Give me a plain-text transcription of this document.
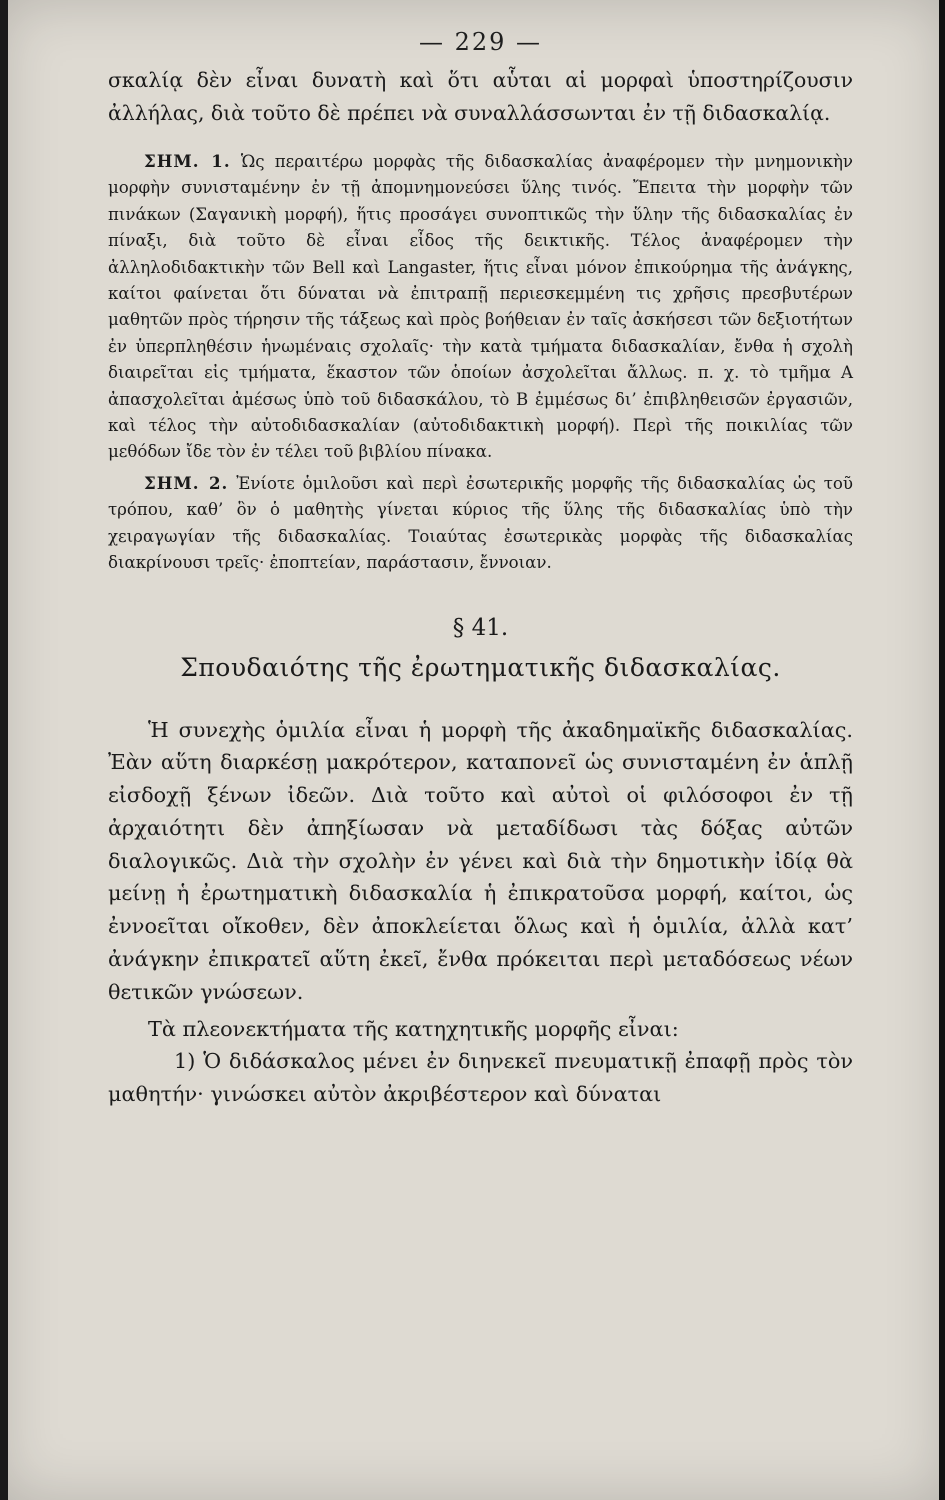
— 229 —

σκαλίᾳ δὲν εἶναι δυνατὴ καὶ ὅτι αὗται αἱ μορφαὶ ὑποστηρίζουσιν ἀλλήλας, διὰ τοῦτο δὲ πρέπει νὰ συναλλάσσωνται ἐν τῇ διδασκαλίᾳ.

ΣΗΜ. 1. Ὡς περαιτέρω μορφὰς τῆς διδασκαλίας ἀναφέρομεν τὴν μνημονικὴν μορφὴν συνισταμένην ἐν τῇ ἀπομνημονεύσει ὕλης τινός. Ἔπειτα τὴν μορφὴν τῶν πινάκων (Σαγανικὴ μορφή), ἥτις προσάγει συνοπτικῶς τὴν ὕλην τῆς διδασκαλίας ἐν πίναξι, διὰ τοῦτο δὲ εἶναι εἶδος τῆς δεικτικῆς. Τέλος ἀναφέρομεν τὴν ἀλληλοδιδακτικὴν τῶν Bell καὶ Langaster, ἥτις εἶναι μόνον ἐπικούρημα τῆς ἀνάγκης, καίτοι φαίνεται ὅτι δύναται νὰ ἐπιτραπῇ περιεσκεμμένη τις χρῆσις πρεσβυτέρων μαθητῶν πρὸς τήρησιν τῆς τάξεως καὶ πρὸς βοήθειαν ἐν ταῖς ἀσκήσεσι τῶν δεξιοτήτων ἐν ὑπερπληθέσιν ἡνωμέναις σχολαῖς· τὴν κατὰ τμήματα διδασκαλίαν, ἔνθα ἡ σχολὴ διαιρεῖται εἰς τμήματα, ἕκαστον τῶν ὁποίων ἀσχολεῖται ἄλλως. π. χ. τὸ τμῆμα Α ἀπασχολεῖται ἀμέσως ὑπὸ τοῦ διδασκάλου, τὸ Β ἐμμέσως δι’ ἐπιβληθεισῶν ἐργασιῶν, καὶ τέλος τὴν αὐτοδιδασκαλίαν (αὐτοδιδακτικὴ μορφή). Περὶ τῆς ποικιλίας τῶν μεθόδων ἴδε τὸν ἐν τέλει τοῦ βιβλίου πίνακα.

ΣΗΜ. 2. Ἐνίοτε ὁμιλοῦσι καὶ περὶ ἐσωτερικῆς μορφῆς τῆς διδασκαλίας ὡς τοῦ τρόπου, καθ’ ὃν ὁ μαθητὴς γίνεται κύριος τῆς ὕλης τῆς διδασκαλίας ὑπὸ τὴν χειραγωγίαν τῆς διδασκαλίας. Τοιαύτας ἐσωτερικὰς μορφὰς τῆς διδασκαλίας διακρίνουσι τρεῖς· ἐποπτείαν, παράστασιν, ἔννοιαν.

§ 41.
Σπουδαιότης τῆς ἐρωτηματικῆς διδασκαλίας.

Ἡ συνεχὴς ὁμιλία εἶναι ἡ μορφὴ τῆς ἀκαδημαϊκῆς διδασκαλίας. Ἐὰν αὕτη διαρκέσῃ μακρότερον, καταπονεῖ ὡς συνισταμένη ἐν ἁπλῇ εἰσδοχῇ ξένων ἰδεῶν. Διὰ τοῦτο καὶ αὐτοὶ οἱ φιλόσοφοι ἐν τῇ ἀρχαιότητι δὲν ἀπηξίωσαν νὰ μεταδίδωσι τὰς δόξας αὐτῶν διαλογικῶς. Διὰ τὴν σχολὴν ἐν γένει καὶ διὰ τὴν δημοτικὴν ἰδίᾳ θὰ μείνῃ ἡ ἐρωτηματικὴ διδασκαλία ἡ ἐπικρατοῦσα μορφή, καίτοι, ὡς ἐννοεῖται οἴκοθεν, δὲν ἀποκλείεται ὅλως καὶ ἡ ὁμιλία, ἀλλὰ κατ’ ἀνάγκην ἐπικρατεῖ αὕτη ἐκεῖ, ἔνθα πρόκειται περὶ μεταδόσεως νέων θετικῶν γνώσεων.

Τὰ πλεονεκτήματα τῆς κατηχητικῆς μορφῆς εἶναι:

1) Ὁ διδάσκαλος μένει ἐν διηνεκεῖ πνευματικῇ ἐπαφῇ πρὸς τὸν μαθητήν· γινώσκει αὐτὸν ἀκριβέστερον καὶ δύναται
